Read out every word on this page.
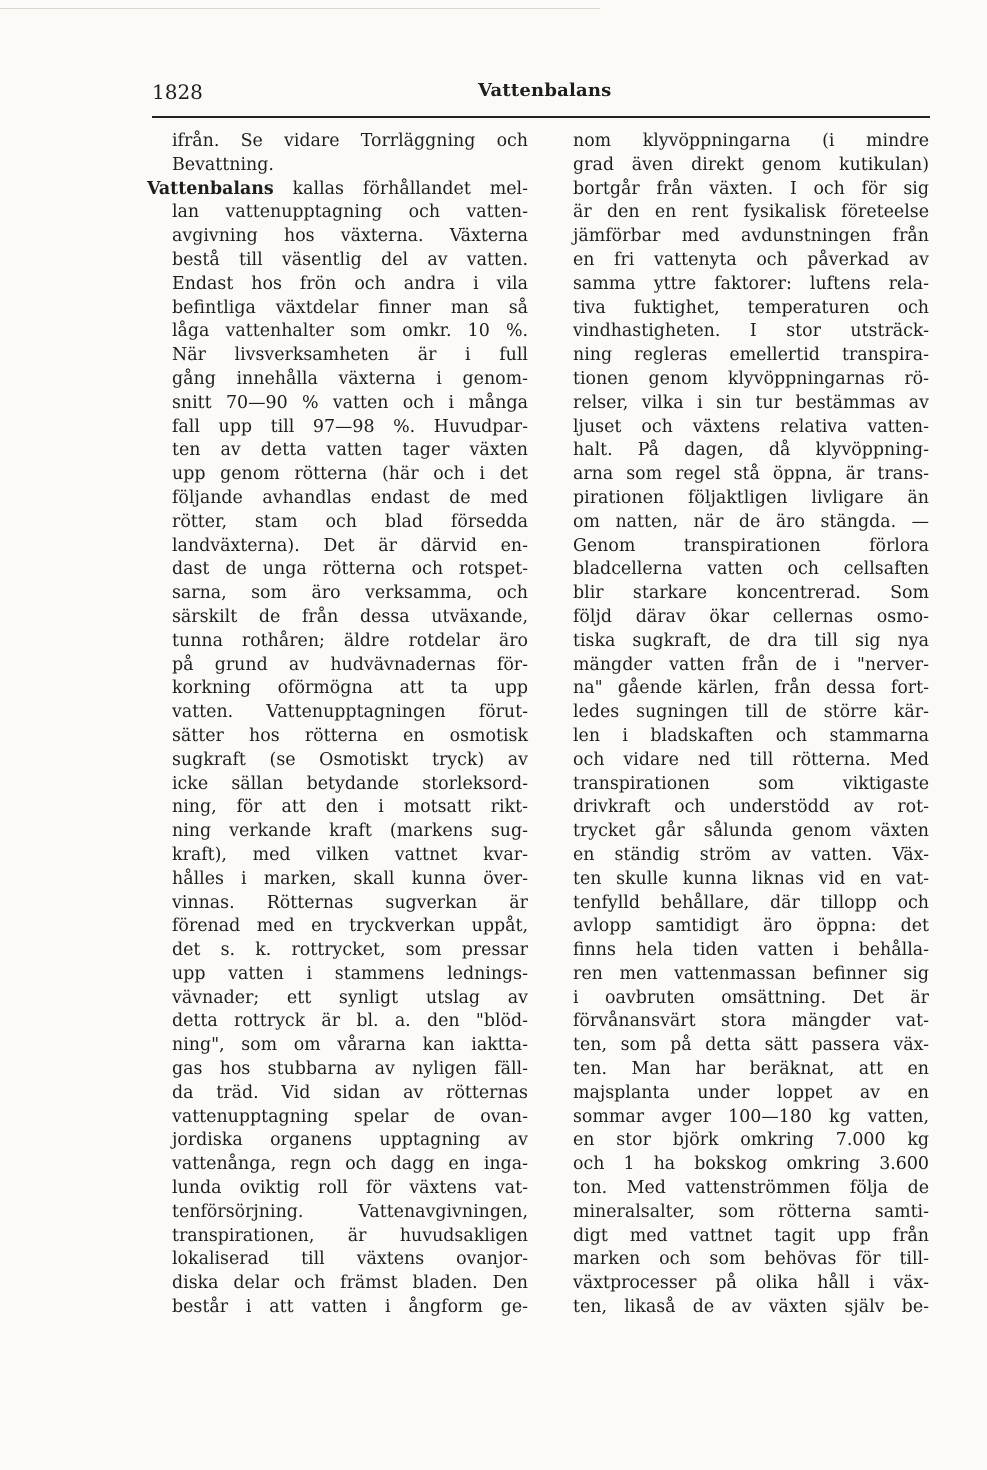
1828	Vattenbalans
ifrån. Se vidare Torrläggning och
Bevattning.
Vattenbalans kallas förhållandet mel-
lan vattenupptagning och vatten-
avgivning hos växterna. Växterna
bestå till väsentlig del av vatten.
Endast hos frön och andra i vila
befintliga växtdelar finner man så
låga vattenhalter som omkr. 10 %.
När livsverksamheten är i full
gång innehålla växterna i genom-
snitt 70—90 % vatten och i många
fall upp till 97—98 %. Huvudpar-
ten av detta vatten tager växten
upp genom rötterna (här och i det
följande avhandlas endast de med
rötter, stam och blad försedda
landväxterna). Det är därvid en-
dast de unga rötterna och rotspet-
sarna, som äro verksamma, och
särskilt de från dessa utväxande,
tunna rothåren; äldre rotdelar äro
på grund av hudvävnadernas för-
korkning oförmögna att ta upp
vatten. Vattenupptagningen förut-
sätter hos rötterna en osmotisk
sugkraft (se Osmotiskt tryck) av
icke sällan betydande storleksord-
ning, för att den i motsatt rikt-
ning verkande kraft (markens sug-
kraft), med vilken vattnet kvar-
hålles i marken, skall kunna över-
vinnas. Rötternas sugverkan är
förenad med en tryckverkan uppåt,
det s. k. rottrycket, som pressar
upp vatten i stammens lednings-
vävnader; ett synligt utslag av
detta rottryck är bl. a. den "blöd-
ning", som om vårarna kan iaktta-
gas hos stubbarna av nyligen fäll-
da träd. Vid sidan av rötternas
vattenupptagning spelar de ovan-
jordiska organens upptagning av
vattenånga, regn och dagg en inga-
lunda oviktig roll för växtens vat-
tenförsörjning. Vattenavgivningen,
transpirationen, är huvudsakligen
lokaliserad till växtens ovanjor-
diska delar och främst bladen. Den
består i att vatten i ångform ge-
nom klyvöppningarna (i mindre
grad även direkt genom kutikulan)
bortgår från växten. I och för sig
är den en rent fysikalisk företeelse
jämförbar med avdunstningen från
en fri vattenyta och påverkad av
samma yttre faktorer: luftens rela-
tiva fuktighet, temperaturen och
vindhastigheten. I stor utsträck-
ning regleras emellertid transpira-
tionen genom klyvöppningarnas rö-
relser, vilka i sin tur bestämmas av
ljuset och växtens relativa vatten-
halt. På dagen, då klyvöppning-
arna som regel stå öppna, är trans-
pirationen följaktligen livligare än
om natten, när de äro stängda. —
Genom transpirationen förlora
bladcellerna vatten och cellsaften
blir starkare koncentrerad. Som
följd därav ökar cellernas osmo-
tiska sugkraft, de dra till sig nya
mängder vatten från de i "nerver-
na" gående kärlen, från dessa fort-
ledes sugningen till de större kär-
len i bladskaften och stammarna
och vidare ned till rötterna. Med
transpirationen som viktigaste
drivkraft och understödd av rot-
trycket går sålunda genom växten
en ständig ström av vatten. Väx-
ten skulle kunna liknas vid en vat-
tenfylld behållare, där tillopp och
avlopp samtidigt äro öppna: det
finns hela tiden vatten i behålla-
ren men vattenmassan befinner sig
i oavbruten omsättning. Det är
förvånansvärt stora mängder vat-
ten, som på detta sätt passera väx-
ten. Man har beräknat, att en
majsplanta under loppet av en
sommar avger 100—180 kg vatten,
en stor björk omkring 7.000 kg
och 1 ha bokskog omkring 3.600
ton. Med vattenströmmen följa de
mineralsalter, som rötterna samti-
digt med vattnet tagit upp från
marken och som behövas för till-
växtprocesser på olika håll i väx-
ten, likaså de av växten själv be-
